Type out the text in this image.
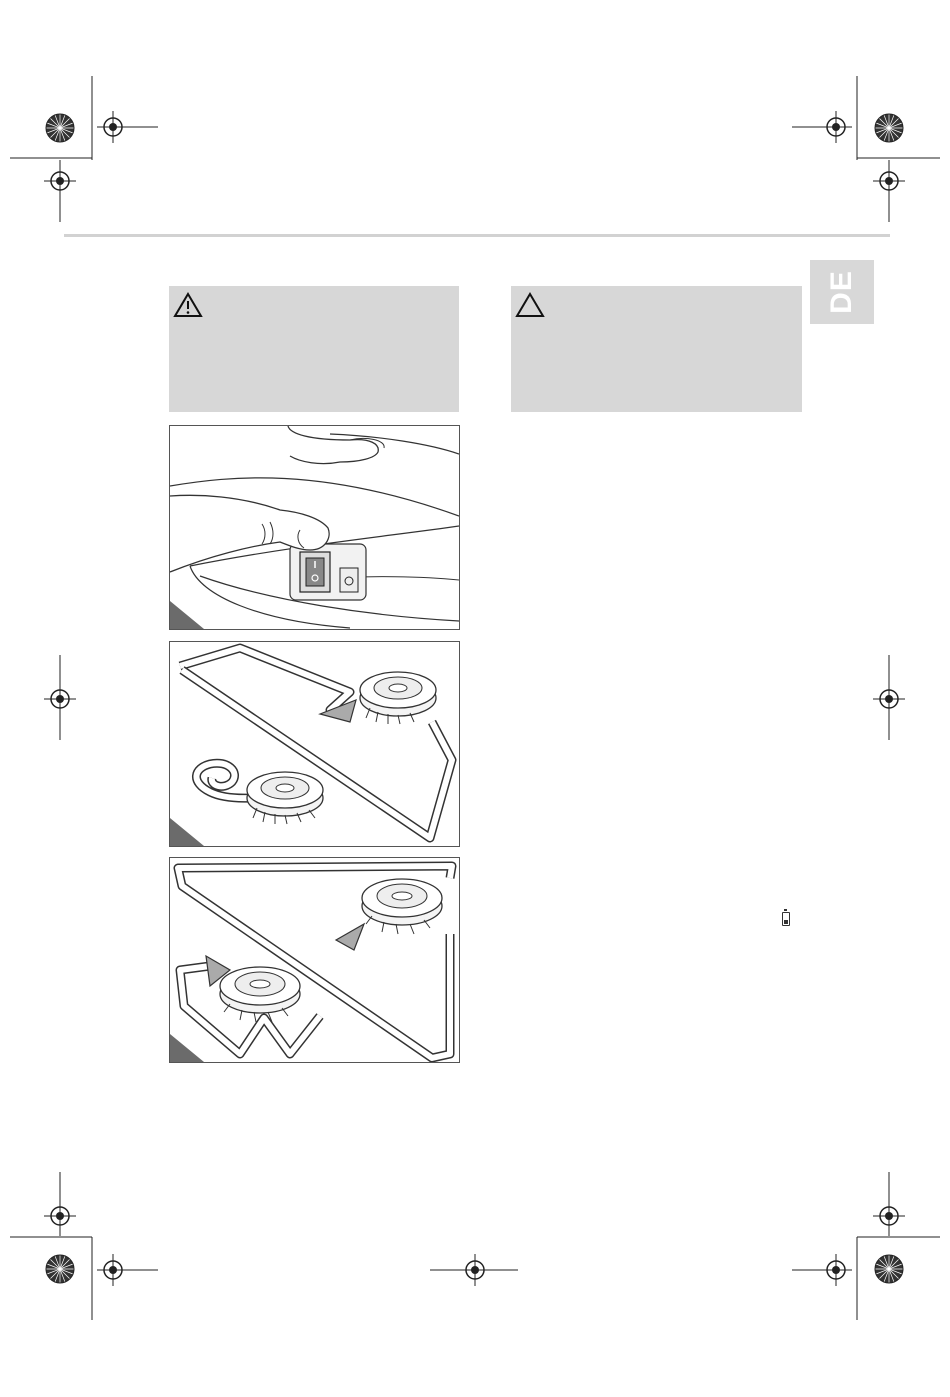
DE
